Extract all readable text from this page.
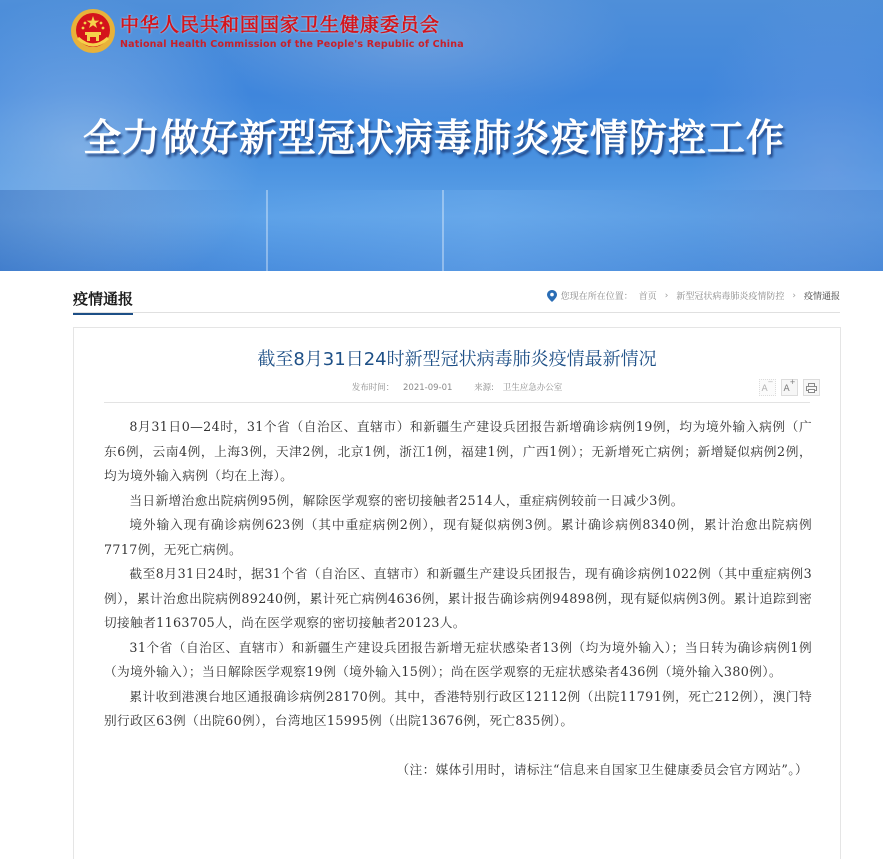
中华人民共和国国家卫生健康委员会
National Health Commission of the People's Republic of China
全力做好新型冠状病毒肺炎疫情防控工作
疫情通报	您现在所在位置： 首页 › 新型冠状病毒肺炎疫情防控 › 疫情通报
截至8月31日24时新型冠状病毒肺炎疫情最新情况
发布时间： 2021-09-01	来源: 卫生应急办公室	A−
A+

8月31日0—24时，31个省（自治区、直辖市）和新疆生产建设兵团报告新增确诊病例19例，均为境外输入病例（广东6例，云南4例，上海3例，天津2例，北京1例，浙江1例，福建1例，广西1例）；无新增死亡病例；新增疑似病例2例，均为境外输入病例（均在上海）。

当日新增治愈出院病例95例，解除医学观察的密切接触者2514人，重症病例较前一日减少3例。

境外输入现有确诊病例623例（其中重症病例2例），现有疑似病例3例。累计确诊病例8340例，累计治愈出院病例7717例，无死亡病例。

截至8月31日24时，据31个省（自治区、直辖市）和新疆生产建设兵团报告，现有确诊病例1022例（其中重症病例3例），累计治愈出院病例89240例，累计死亡病例4636例，累计报告确诊病例94898例，现有疑似病例3例。累计追踪到密切接触者1163705人，尚在医学观察的密切接触者20123人。

31个省（自治区、直辖市）和新疆生产建设兵团报告新增无症状感染者13例（均为境外输入）；当日转为确诊病例1例（为境外输入）；当日解除医学观察19例（境外输入15例）；尚在医学观察的无症状感染者436例（境外输入380例）。

累计收到港澳台地区通报确诊病例28170例。其中，香港特别行政区12112例（出院11791例，死亡212例），澳门特别行政区63例（出院60例），台湾地区15995例（出院13676例，死亡835例）。

（注：媒体引用时，请标注“信息来自国家卫生健康委员会官方网站”。）
